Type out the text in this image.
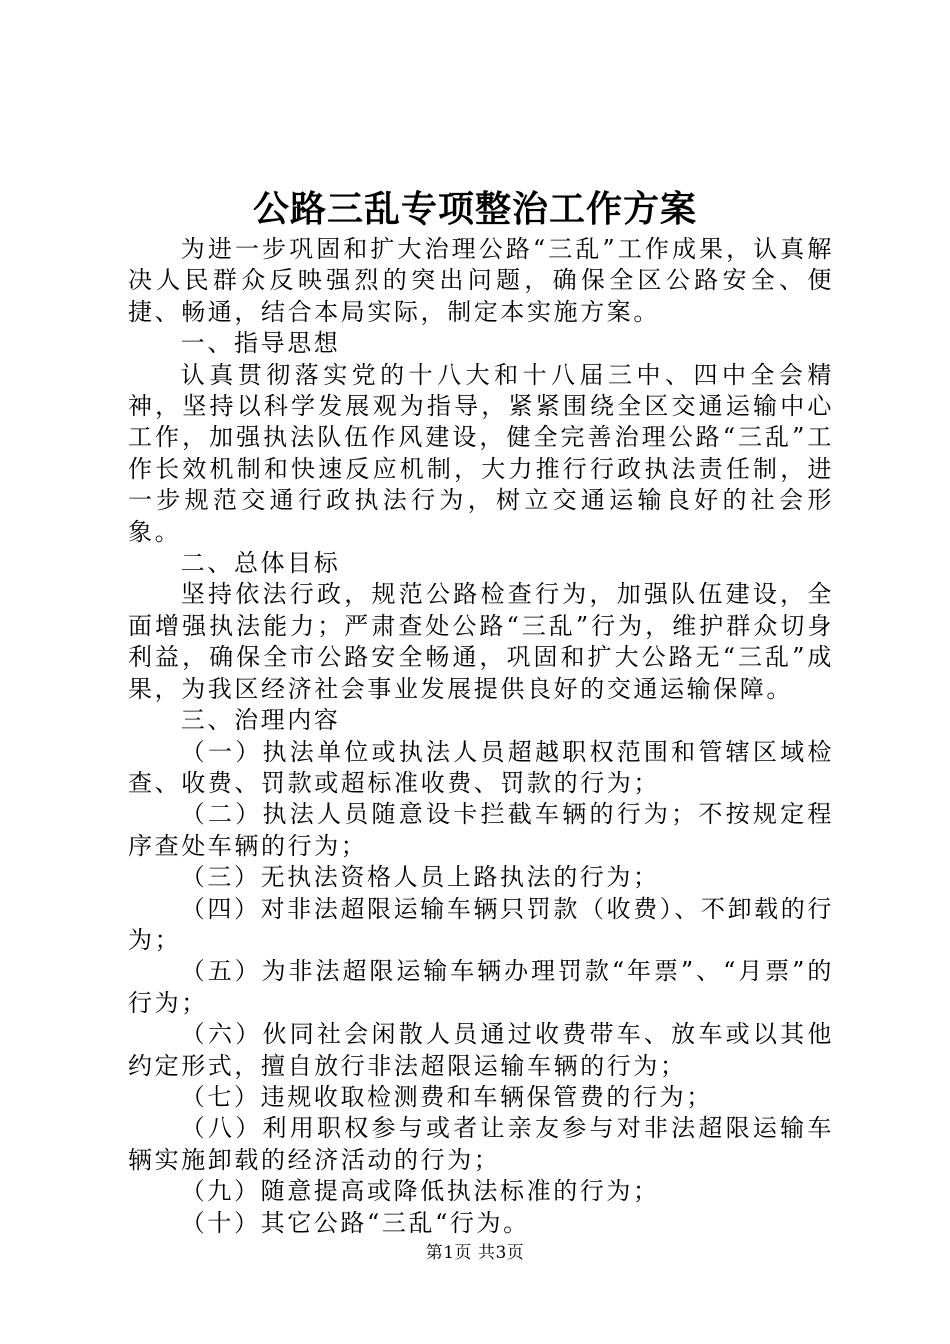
公路三乱专项整治工作方案

为进一步巩固和扩大治理公路“三乱”工作成果，认真解决人民群众反映强烈的突出问题，确保全区公路安全、便捷、畅通，结合本局实际，制定本实施方案。

一、指导思想

认真贯彻落实党的十八大和十八届三中、四中全会精神，坚持以科学发展观为指导，紧紧围绕全区交通运输中心工作，加强执法队伍作风建设，健全完善治理公路“三乱”工作长效机制和快速反应机制，大力推行行政执法责任制，进一步规范交通行政执法行为，树立交通运输良好的社会形象。

二、总体目标

坚持依法行政，规范公路检查行为，加强队伍建设，全面增强执法能力；严肃查处公路“三乱”行为，维护群众切身利益，确保全市公路安全畅通，巩固和扩大公路无“三乱”成果，为我区经济社会事业发展提供良好的交通运输保障。

三、治理内容

（一）执法单位或执法人员超越职权范围和管辖区域检查、收费、罚款或超标准收费、罚款的行为；

（二）执法人员随意设卡拦截车辆的行为；不按规定程序查处车辆的行为；

（三）无执法资格人员上路执法的行为；

（四）对非法超限运输车辆只罚款（收费）、不卸载的行为；

（五）为非法超限运输车辆办理罚款“年票”、“月票”的行为；

（六）伙同社会闲散人员通过收费带车、放车或以其他约定形式，擅自放行非法超限运输车辆的行为；

（七）违规收取检测费和车辆保管费的行为；

（八）利用职权参与或者让亲友参与对非法超限运输车辆实施卸载的经济活动的行为；

（九）随意提高或降低执法标准的行为；

（十）其它公路“三乱“行为。

第1页 共3页
